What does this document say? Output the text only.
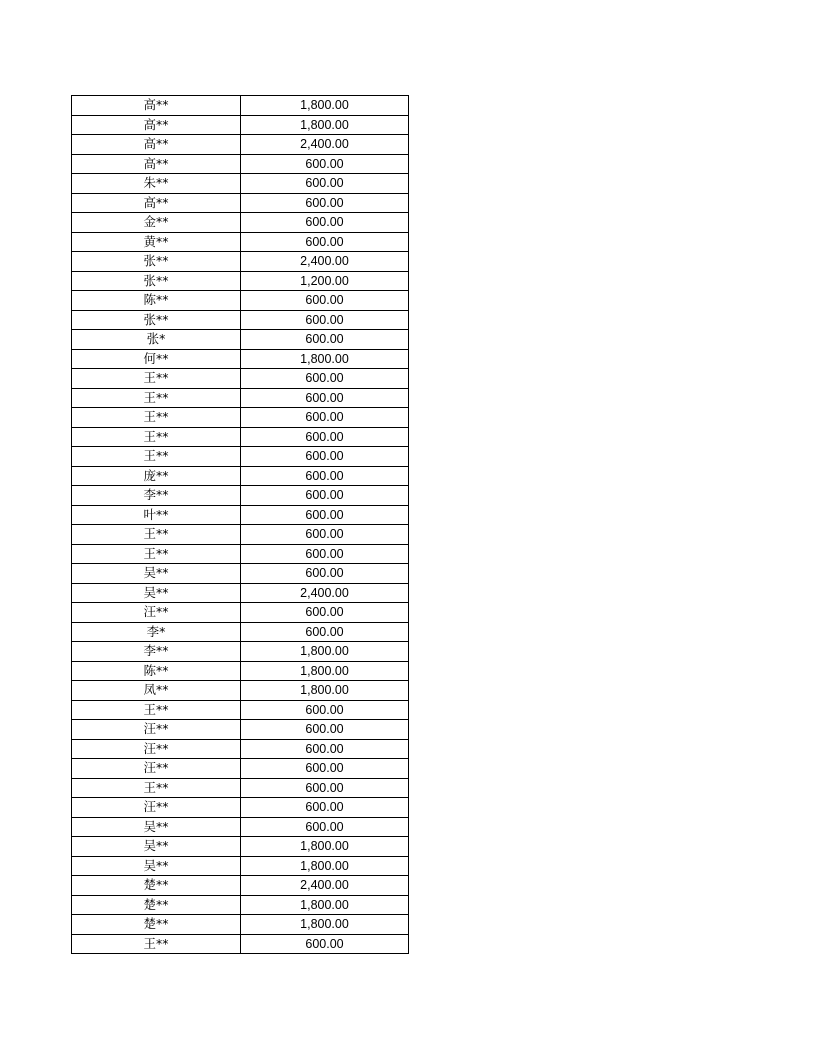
高**	1,800.00
高**	1,800.00
高**	2,400.00
高**	600.00
朱**	600.00
高**	600.00
金**	600.00
黄**	600.00
张**	2,400.00
张**	1,200.00
陈**	600.00
张**	600.00
张*	600.00
何**	1,800.00
王**	600.00
王**	600.00
王**	600.00
王**	600.00
王**	600.00
庞**	600.00
李**	600.00
叶**	600.00
王**	600.00
王**	600.00
吴**	600.00
吴**	2,400.00
汪**	600.00
李*	600.00
李**	1,800.00
陈**	1,800.00
凤**	1,800.00
王**	600.00
汪**	600.00
汪**	600.00
汪**	600.00
王**	600.00
汪**	600.00
吴**	600.00
吴**	1,800.00
吴**	1,800.00
楚**	2,400.00
楚**	1,800.00
楚**	1,800.00
王**	600.00
